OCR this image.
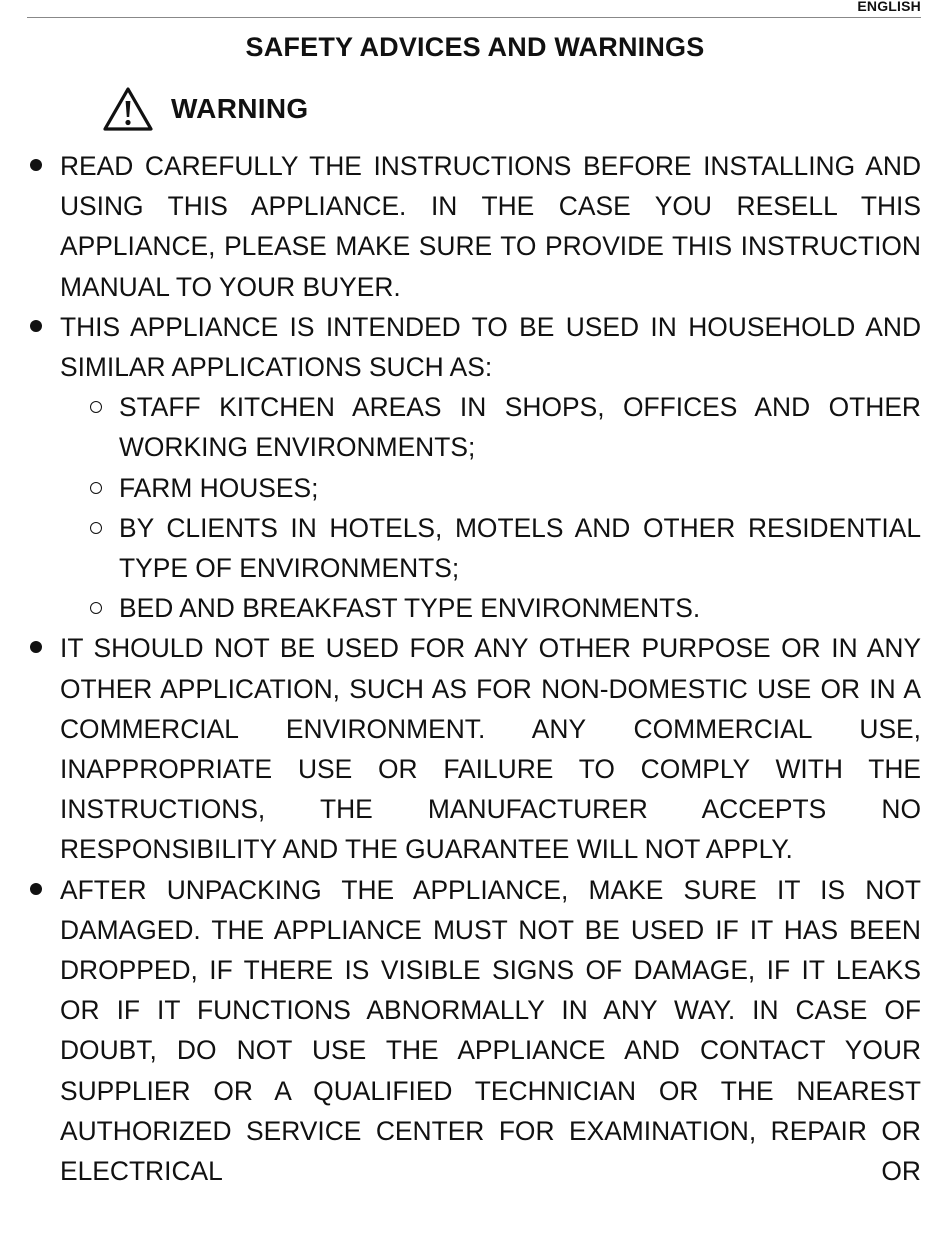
ENGLISH
SAFETY ADVICES AND WARNINGS
WARNING
READ CAREFULLY THE INSTRUCTIONS BEFORE INSTALLING AND USING THIS APPLIANCE. IN THE CASE YOU RESELL THIS APPLIANCE, PLEASE MAKE SURE TO PROVIDE THIS INSTRUCTION MANUAL TO YOUR BUYER.
THIS APPLIANCE IS INTENDED TO BE USED IN HOUSEHOLD AND SIMILAR APPLICATIONS SUCH AS:
STAFF KITCHEN AREAS IN SHOPS, OFFICES AND OTHER WORKING ENVIRONMENTS;
FARM HOUSES;
BY CLIENTS IN HOTELS, MOTELS AND OTHER RESIDENTIAL TYPE OF ENVIRONMENTS;
BED AND BREAKFAST TYPE ENVIRONMENTS.
IT SHOULD NOT BE USED FOR ANY OTHER PURPOSE OR IN ANY OTHER APPLICATION, SUCH AS FOR NON-DOMESTIC USE OR IN A COMMERCIAL ENVIRONMENT. ANY COMMERCIAL USE, INAPPROPRIATE USE OR FAILURE TO COMPLY WITH THE INSTRUCTIONS, THE MANUFACTURER ACCEPTS NO RESPONSIBILITY AND THE GUARANTEE WILL NOT APPLY.
AFTER UNPACKING THE APPLIANCE, MAKE SURE IT IS NOT DAMAGED. THE APPLIANCE MUST NOT BE USED IF IT HAS BEEN DROPPED, IF THERE IS VISIBLE SIGNS OF DAMAGE, IF IT LEAKS OR IF IT FUNCTIONS ABNORMALLY IN ANY WAY. IN CASE OF DOUBT, DO NOT USE THE APPLIANCE AND CONTACT YOUR SUPPLIER OR A QUALIFIED TECHNICIAN OR THE NEAREST AUTHORIZED SERVICE CENTER FOR EXAMINATION, REPAIR OR ELECTRICAL OR
